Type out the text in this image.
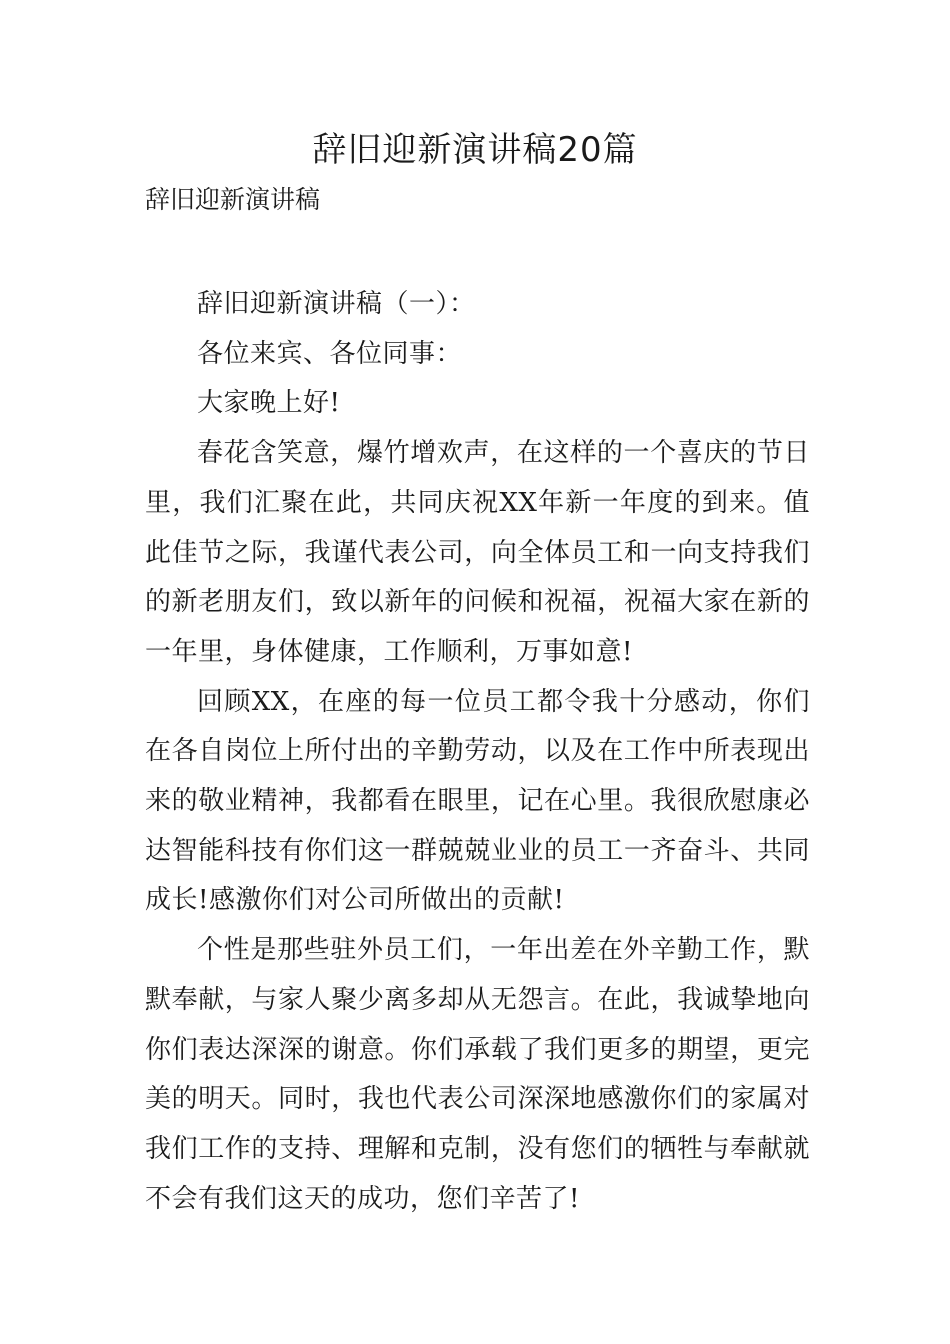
辞旧迎新演讲稿20篇

辞旧迎新演讲稿

辞旧迎新演讲稿（一）：

各位来宾、各位同事：

大家晚上好!

春花含笑意，爆竹增欢声，在这样的一个喜庆的节日里，我们汇聚在此，共同庆祝XX年新一年度的到来。值此佳节之际，我谨代表公司，向全体员工和一向支持我们的新老朋友们，致以新年的问候和祝福，祝福大家在新的一年里，身体健康，工作顺利，万事如意!

回顾XX，在座的每一位员工都令我十分感动，你们在各自岗位上所付出的辛勤劳动，以及在工作中所表现出来的敬业精神，我都看在眼里，记在心里。我很欣慰康必达智能科技有你们这一群兢兢业业的员工一齐奋斗、共同成长!感激你们对公司所做出的贡献!

个性是那些驻外员工们，一年出差在外辛勤工作，默默奉献，与家人聚少离多却从无怨言。在此，我诚挚地向你们表达深深的谢意。你们承载了我们更多的期望，更完美的明天。同时，我也代表公司深深地感激你们的家属对我们工作的支持、理解和克制，没有您们的牺牲与奉献就不会有我们这天的成功，您们辛苦了!
